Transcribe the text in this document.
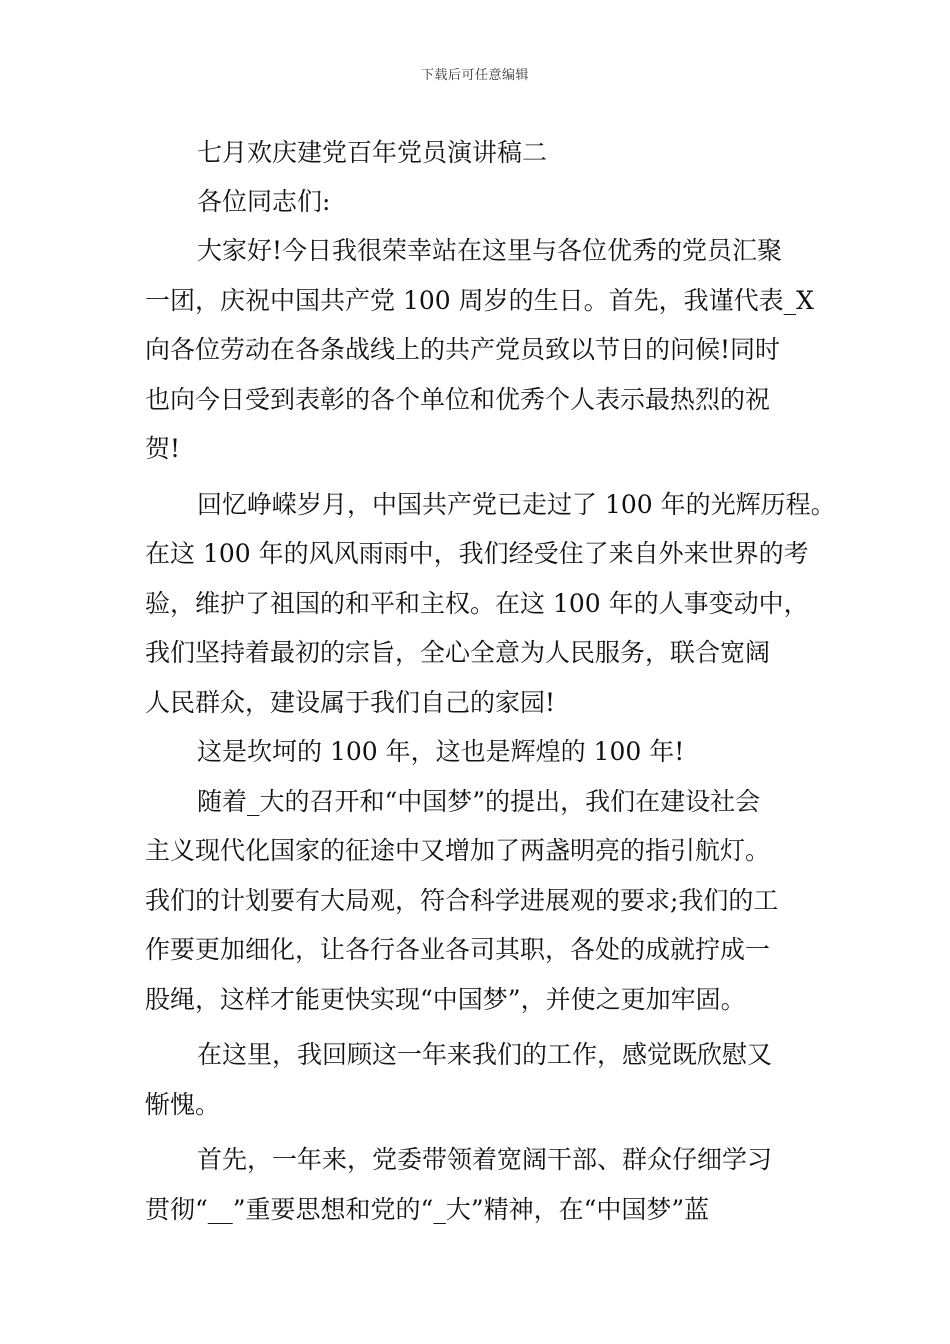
下载后可任意编辑
七月欢庆建党百年党员演讲稿二

各位同志们:

大家好!今日我很荣幸站在这里与各位优秀的党员汇聚
一团，庆祝中国共产党 100 周岁的生日。首先，我谨代表_X
向各位劳动在各条战线上的共产党员致以节日的问候!同时
也向今日受到表彰的各个单位和优秀个人表示最热烈的祝
贺!

回忆峥嵘岁月，中国共产党已走过了 100 年的光辉历程。
在这 100 年的风风雨雨中，我们经受住了来自外来世界的考
验，维护了祖国的和平和主权。在这 100 年的人事变动中，
我们坚持着最初的宗旨，全心全意为人民服务，联合宽阔
人民群众，建设属于我们自己的家园!

这是坎坷的 100 年，这也是辉煌的 100 年!

随着_大的召开和“中国梦”的提出，我们在建设社会
主义现代化国家的征途中又增加了两盏明亮的指引航灯。
我们的计划要有大局观，符合科学进展观的要求;我们的工
作要更加细化，让各行各业各司其职，各处的成就拧成一
股绳，这样才能更快实现“中国梦”，并使之更加牢固。

在这里，我回顾这一年来我们的工作，感觉既欣慰又
惭愧。

首先，一年来，党委带领着宽阔干部、群众仔细学习
贯彻“__”重要思想和党的“_大”精神，在“中国梦”蓝
